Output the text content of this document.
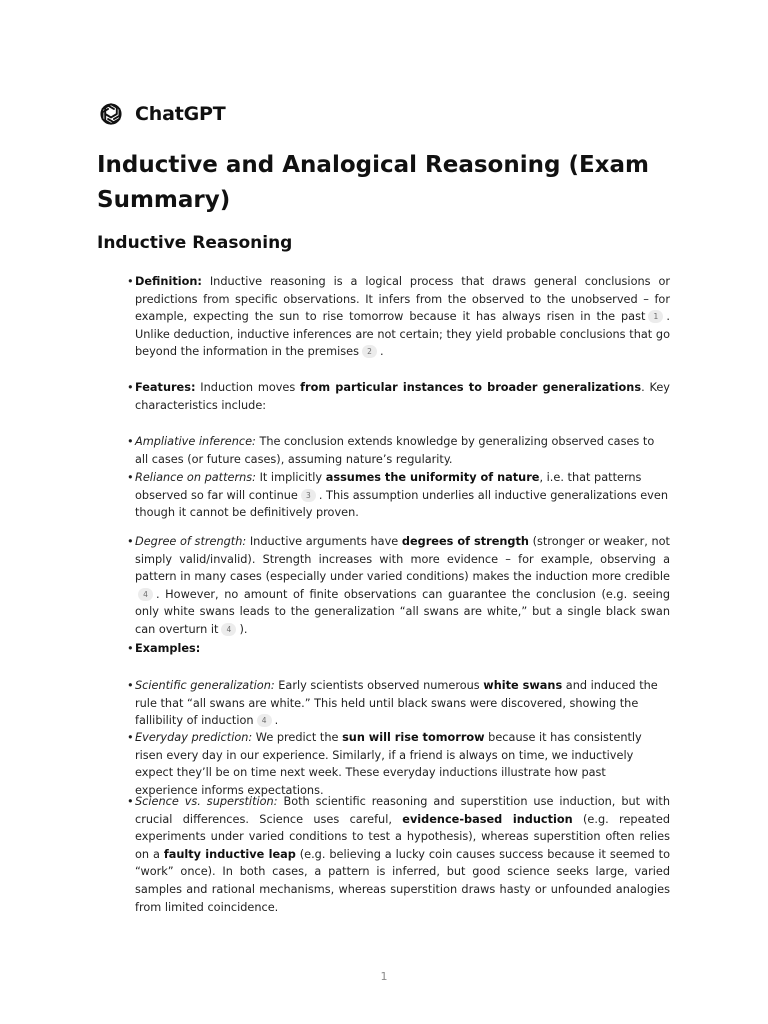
ChatGPT
Inductive and Analogical Reasoning (Exam Summary)
Inductive Reasoning
• Definition: Inductive reasoning is a logical process that draws general conclusions or predictions from specific observations. It infers from the observed to the unobserved – for example, expecting the sun to rise tomorrow because it has always risen in the past 1 . Unlike deduction, inductive inferences are not certain; they yield probable conclusions that go beyond the information in the premises 2 .
• Features: Induction moves from particular instances to broader generalizations. Key characteristics include:
• Ampliative inference: The conclusion extends knowledge by generalizing observed cases to all cases (or future cases), assuming nature’s regularity.
• Reliance on patterns: It implicitly assumes the uniformity of nature, i.e. that patterns observed so far will continue 3 . This assumption underlies all inductive generalizations even though it cannot be definitively proven.
• Degree of strength: Inductive arguments have degrees of strength (stronger or weaker, not simply valid/invalid). Strength increases with more evidence – for example, observing a pattern in many cases (especially under varied conditions) makes the induction more credible4 . However, no amount of finite observations can guarantee the conclusion (e.g. seeing only white swans leads to the generalization “all swans are white,” but a single black swan can overturn it 4 ).
• Examples:
• Scientific generalization: Early scientists observed numerous white swans and induced the rule that “all swans are white.” This held until black swans were discovered, showing the fallibility of induction 4 .
• Everyday prediction: We predict the sun will rise tomorrow because it has consistently risen every day in our experience. Similarly, if a friend is always on time, we inductively expect they’ll be on time next week. These everyday inductions illustrate how past experience informs expectations.
• Science vs. superstition: Both scientific reasoning and superstition use induction, but with crucial differences. Science uses careful, evidence-based induction (e.g. repeated experiments under varied conditions to test a hypothesis), whereas superstition often relies on a faulty inductive leap (e.g. believing a lucky coin causes success because it seemed to “work” once). In both cases, a pattern is inferred, but good science seeks large, varied samples and rational mechanisms, whereas superstition draws hasty or unfounded analogies from limited coincidence.
1
